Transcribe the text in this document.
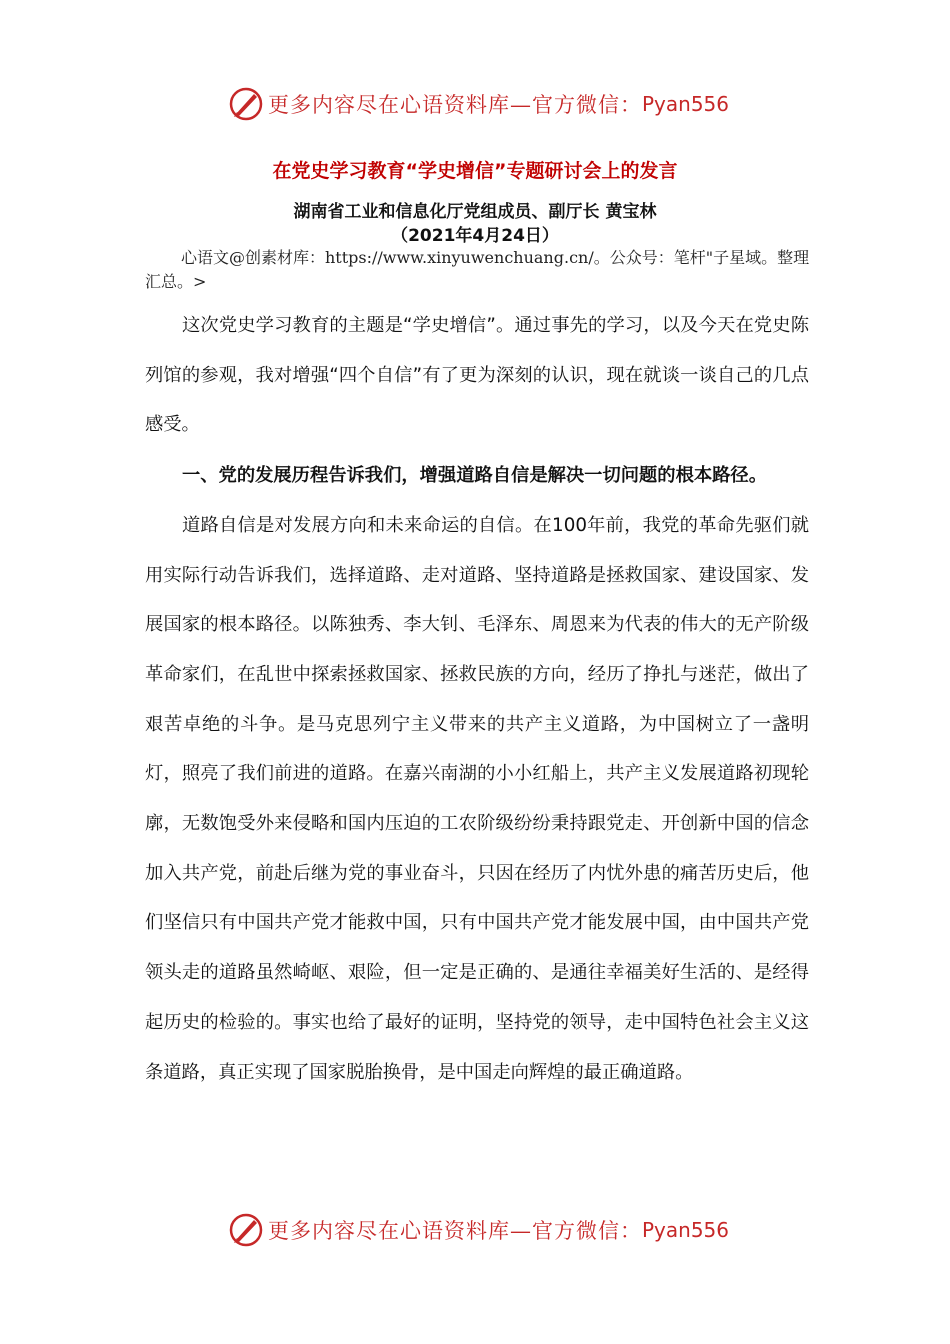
更多内容尽在心语资料库—官方微信： Pyan556
在党史学习教育“学史增信”专题研讨会上的发言
湖南省工业和信息化厅党组成员、副厅长 黄宝林
（2021年4月24日）
心语文@创素材库：https://www.xinyuwenchuang.cn/。公众号：笔杆"子星域。整理汇总。>

这次党史学习教育的主题是“学史增信”。通过事先的学习，以及今天在党史陈列馆的参观，我对增强“四个自信”有了更为深刻的认识，现在就谈一谈自己的几点感受。

一、党的发展历程告诉我们，增强道路自信是解决一切问题的根本路径。

道路自信是对发展方向和未来命运的自信。在100年前，我党的革命先驱们就用实际行动告诉我们，选择道路、走对道路、坚持道路是拯救国家、建设国家、发展国家的根本路径。以陈独秀、李大钊、毛泽东、周恩来为代表的伟大的无产阶级革命家们，在乱世中探索拯救国家、拯救民族的方向，经历了挣扎与迷茫，做出了艰苦卓绝的斗争。是马克思列宁主义带来的共产主义道路，为中国树立了一盏明灯，照亮了我们前进的道路。在嘉兴南湖的小小红船上，共产主义发展道路初现轮廓，无数饱受外来侵略和国内压迫的工农阶级纷纷秉持跟党走、开创新中国的信念加入共产党，前赴后继为党的事业奋斗，只因在经历了内忧外患的痛苦历史后，他们坚信只有中国共产党才能救中国，只有中国共产党才能发展中国，由中国共产党领头走的道路虽然崎岖、艰险，但一定是正确的、是通往幸福美好生活的、是经得起历史的检验的。事实也给了最好的证明，坚持党的领导，走中国特色社会主义这条道路，真正实现了国家脱胎换骨，是中国走向辉煌的最正确道路。

更多内容尽在心语资料库—官方微信： Pyan556
